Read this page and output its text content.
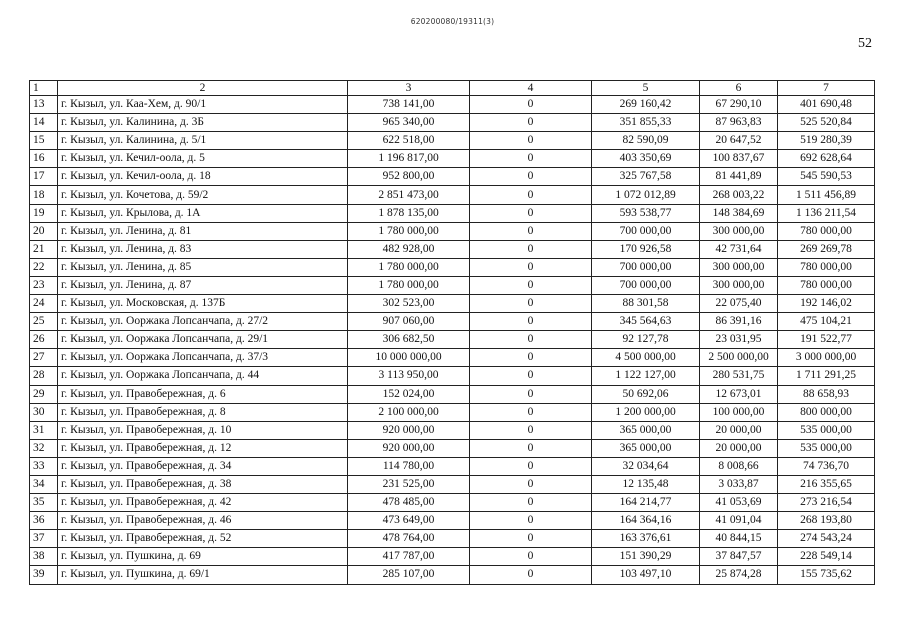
620200080/19311(3)
52
1	2	3	4	5	6	7
13	г. Кызыл, ул. Каа-Хем, д. 90/1	738 141,00	0	269 160,42	67 290,10	401 690,48
14	г. Кызыл, ул. Калинина, д. 3Б	965 340,00	0	351 855,33	87 963,83	525 520,84
15	г. Кызыл, ул. Калинина, д. 5/1	622 518,00	0	82 590,09	20 647,52	519 280,39
16	г. Кызыл, ул. Кечил-оола, д. 5	1 196 817,00	0	403 350,69	100 837,67	692 628,64
17	г. Кызыл, ул. Кечил-оола, д. 18	952 800,00	0	325 767,58	81 441,89	545 590,53
18	г. Кызыл, ул. Кочетова, д. 59/2	2 851 473,00	0	1 072 012,89	268 003,22	1 511 456,89
19	г. Кызыл, ул. Крылова, д. 1А	1 878 135,00	0	593 538,77	148 384,69	1 136 211,54
20	г. Кызыл, ул. Ленина, д. 81	1 780 000,00	0	700 000,00	300 000,00	780 000,00
21	г. Кызыл, ул. Ленина, д. 83	482 928,00	0	170 926,58	42 731,64	269 269,78
22	г. Кызыл, ул. Ленина, д. 85	1 780 000,00	0	700 000,00	300 000,00	780 000,00
23	г. Кызыл, ул. Ленина, д. 87	1 780 000,00	0	700 000,00	300 000,00	780 000,00
24	г. Кызыл, ул. Московская, д. 137Б	302 523,00	0	88 301,58	22 075,40	192 146,02
25	г. Кызыл, ул. Ооржака Лопсанчапа, д. 27/2	907 060,00	0	345 564,63	86 391,16	475 104,21
26	г. Кызыл, ул. Ооржака Лопсанчапа, д. 29/1	306 682,50	0	92 127,78	23 031,95	191 522,77
27	г. Кызыл, ул. Ооржака Лопсанчапа, д. 37/3	10 000 000,00	0	4 500 000,00	2 500 000,00	3 000 000,00
28	г. Кызыл, ул. Ооржака Лопсанчапа, д. 44	3 113 950,00	0	1 122 127,00	280 531,75	1 711 291,25
29	г. Кызыл, ул. Правобережная, д. 6	152 024,00	0	50 692,06	12 673,01	88 658,93
30	г. Кызыл, ул. Правобережная, д. 8	2 100 000,00	0	1 200 000,00	100 000,00	800 000,00
31	г. Кызыл, ул. Правобережная, д. 10	920 000,00	0	365 000,00	20 000,00	535 000,00
32	г. Кызыл, ул. Правобережная, д. 12	920 000,00	0	365 000,00	20 000,00	535 000,00
33	г. Кызыл, ул. Правобережная, д. 34	114 780,00	0	32 034,64	8 008,66	74 736,70
34	г. Кызыл, ул. Правобережная, д. 38	231 525,00	0	12 135,48	3 033,87	216 355,65
35	г. Кызыл, ул. Правобережная, д. 42	478 485,00	0	164 214,77	41 053,69	273 216,54
36	г. Кызыл, ул. Правобережная, д. 46	473 649,00	0	164 364,16	41 091,04	268 193,80
37	г. Кызыл, ул. Правобережная, д. 52	478 764,00	0	163 376,61	40 844,15	274 543,24
38	г. Кызыл, ул. Пушкина, д. 69	417 787,00	0	151 390,29	37 847,57	228 549,14
39	г. Кызыл, ул. Пушкина, д. 69/1	285 107,00	0	103 497,10	25 874,28	155 735,62
